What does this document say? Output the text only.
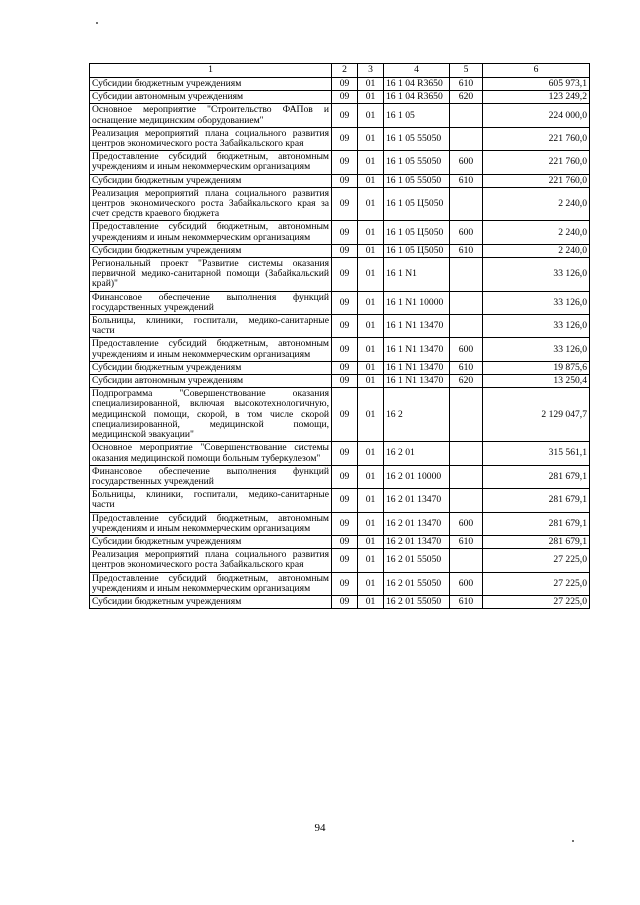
1	2	3	4	5	6
Субсидии бюджетным учреждениям	09	01	16 1 04 R3650	610	605 973,1
Субсидии автономным учреждениям	09	01	16 1 04 R3650	620	123 249,2
Основное мероприятие "Строительство ФАПов и оснащение медицинским оборудованием"	09	01	16 1 05		224 000,0
Реализация мероприятий плана социального развития центров экономического роста Забайкальского края	09	01	16 1 05 55050		221 760,0
Предоставление субсидий бюджетным, автономным учреждениям и иным некоммерческим организациям	09	01	16 1 05 55050	600	221 760,0
Субсидии бюджетным учреждениям	09	01	16 1 05 55050	610	221 760,0
Реализация мероприятий плана социального развития центров экономического роста Забайкальского края за счет средств краевого бюджета	09	01	16 1 05 Ц5050		2 240,0
Предоставление субсидий бюджетным, автономным учреждениям и иным некоммерческим организациям	09	01	16 1 05 Ц5050	600	2 240,0
Субсидии бюджетным учреждениям	09	01	16 1 05 Ц5050	610	2 240,0
Региональный проект "Развитие системы оказания первичной медико-санитарной помощи (Забайкальский край)"	09	01	16 1 N1		33 126,0
Финансовое обеспечение выполнения функций государственных учреждений	09	01	16 1 N1 10000		33 126,0
Больницы, клиники, госпитали, медико-санитарные части	09	01	16 1 N1 13470		33 126,0
Предоставление субсидий бюджетным, автономным учреждениям и иным некоммерческим организациям	09	01	16 1 N1 13470	600	33 126,0
Субсидии бюджетным учреждениям	09	01	16 1 N1 13470	610	19 875,6
Субсидии автономным учреждениям	09	01	16 1 N1 13470	620	13 250,4
Подпрограмма "Совершенствование оказания специализированной, включая высокотехнологичную, медицинской помощи, скорой, в том числе скорой специализированной, медицинской помощи, медицинской эвакуации"	09	01	16 2		2 129 047,7
Основное мероприятие "Совершенствование системы оказания медицинской помощи больным туберкулезом"	09	01	16 2 01		315 561,1
Финансовое обеспечение выполнения функций государственных учреждений	09	01	16 2 01 10000		281 679,1
Больницы, клиники, госпитали, медико-санитарные части	09	01	16 2 01 13470		281 679,1
Предоставление субсидий бюджетным, автономным учреждениям и иным некоммерческим организациям	09	01	16 2 01 13470	600	281 679,1
Субсидии бюджетным учреждениям	09	01	16 2 01 13470	610	281 679,1
Реализация мероприятий плана социального развития центров экономического роста Забайкальского края	09	01	16 2 01 55050		27 225,0
Предоставление субсидий бюджетным, автономным учреждениям и иным некоммерческим организациям	09	01	16 2 01 55050	600	27 225,0
Субсидии бюджетным учреждениям	09	01	16 2 01 55050	610	27 225,0
94
